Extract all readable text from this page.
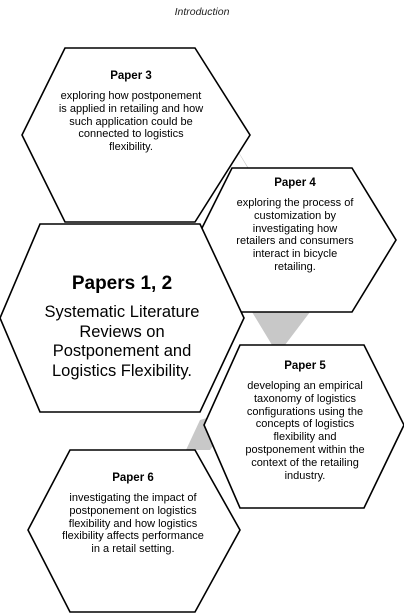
Introduction
Paper 3
exploring how postponement is applied in retailing and how such application could be connected to logistics flexibility.
Paper 4
exploring the process of customization by investigating how retailers and consumers interact in bicycle retailing.
Papers 1, 2
Systematic Literature Reviews on Postponement and Logistics Flexibility.	Paper 5
developing an empirical taxonomy of logistics configurations using the concepts of logistics flexibility and postponement within the context of the retailing industry.
Paper 6
investigating the impact of postponement on logistics flexibility and how logistics flexibility affects performance in a retail setting.
